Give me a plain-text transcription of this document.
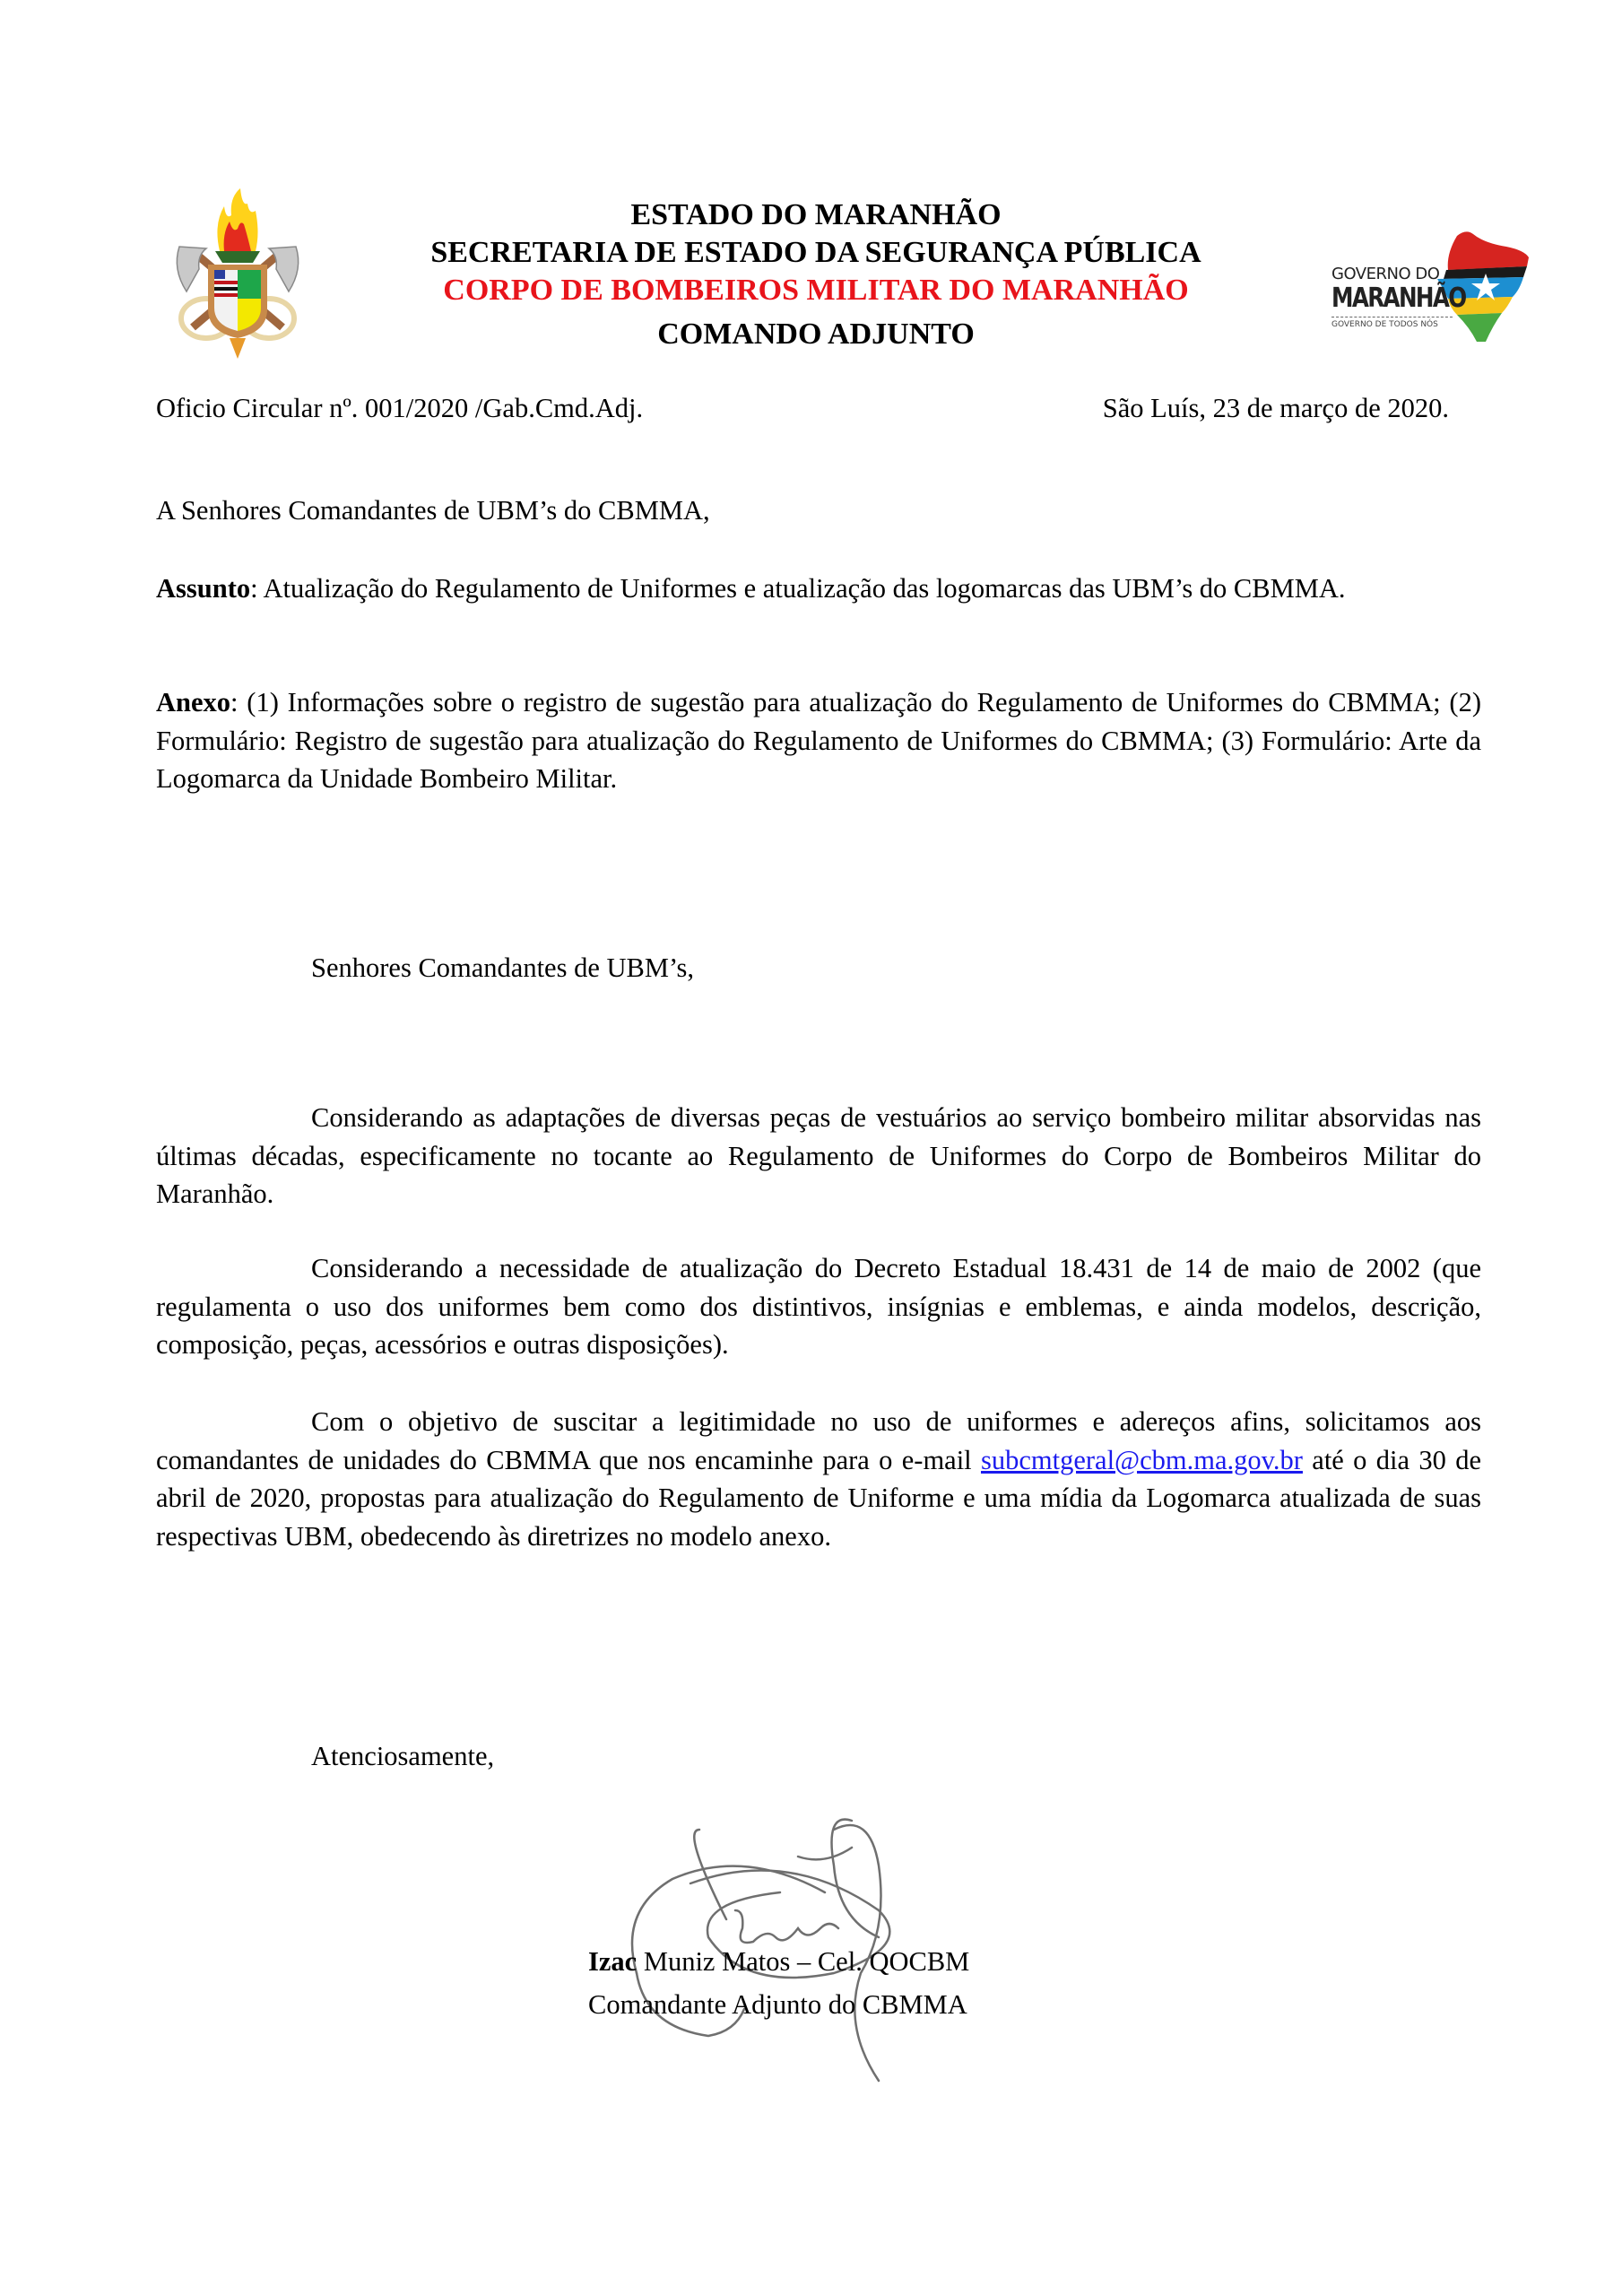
GOVERNO DO
MARANHÃO
GOVERNO DE TODOS NÓS
ESTADO DO MARANHÃO
SECRETARIA DE ESTADO DA SEGURANÇA PÚBLICA
CORPO DE BOMBEIROS MILITAR DO MARANHÃO
COMANDO ADJUNTO
Oficio Circular nº. 001/2020 /Gab.Cmd.Adj.	São Luís, 23 de março de 2020.
A Senhores Comandantes de UBM’s do CBMMA,
Assunto: Atualização do Regulamento de Uniformes e atualização das logomarcas das UBM’s do CBMMA.
Anexo: (1) Informações sobre o registro de sugestão para atualização do Regulamento de Uniformes do CBMMA; (2) Formulário: Registro de sugestão para atualização do Regulamento de Uniformes do CBMMA; (3) Formulário: Arte da Logomarca da Unidade Bombeiro Militar.
Senhores Comandantes de UBM’s,
Considerando as adaptações de diversas peças de vestuários ao serviço bombeiro militar absorvidas nas últimas décadas, especificamente no tocante ao Regulamento de Uniformes do Corpo de Bombeiros Militar do Maranhão.
Considerando a necessidade de atualização do Decreto Estadual 18.431 de 14 de maio de 2002 (que regulamenta o uso dos uniformes bem como dos distintivos, insígnias e emblemas, e ainda modelos, descrição, composição, peças, acessórios e outras disposições).
Com o objetivo de suscitar a legitimidade no uso de uniformes e adereços afins, solicitamos aos comandantes de unidades do CBMMA que nos encaminhe para o e-mail subcmtgeral@cbm.ma.gov.br até o dia 30 de abril de 2020, propostas para atualização do Regulamento de Uniforme e uma mídia da Logomarca atualizada de suas respectivas UBM, obedecendo às diretrizes no modelo anexo.
Atenciosamente,
Izac Muniz Matos – Cel. QOCBM
Comandante Adjunto do CBMMA
